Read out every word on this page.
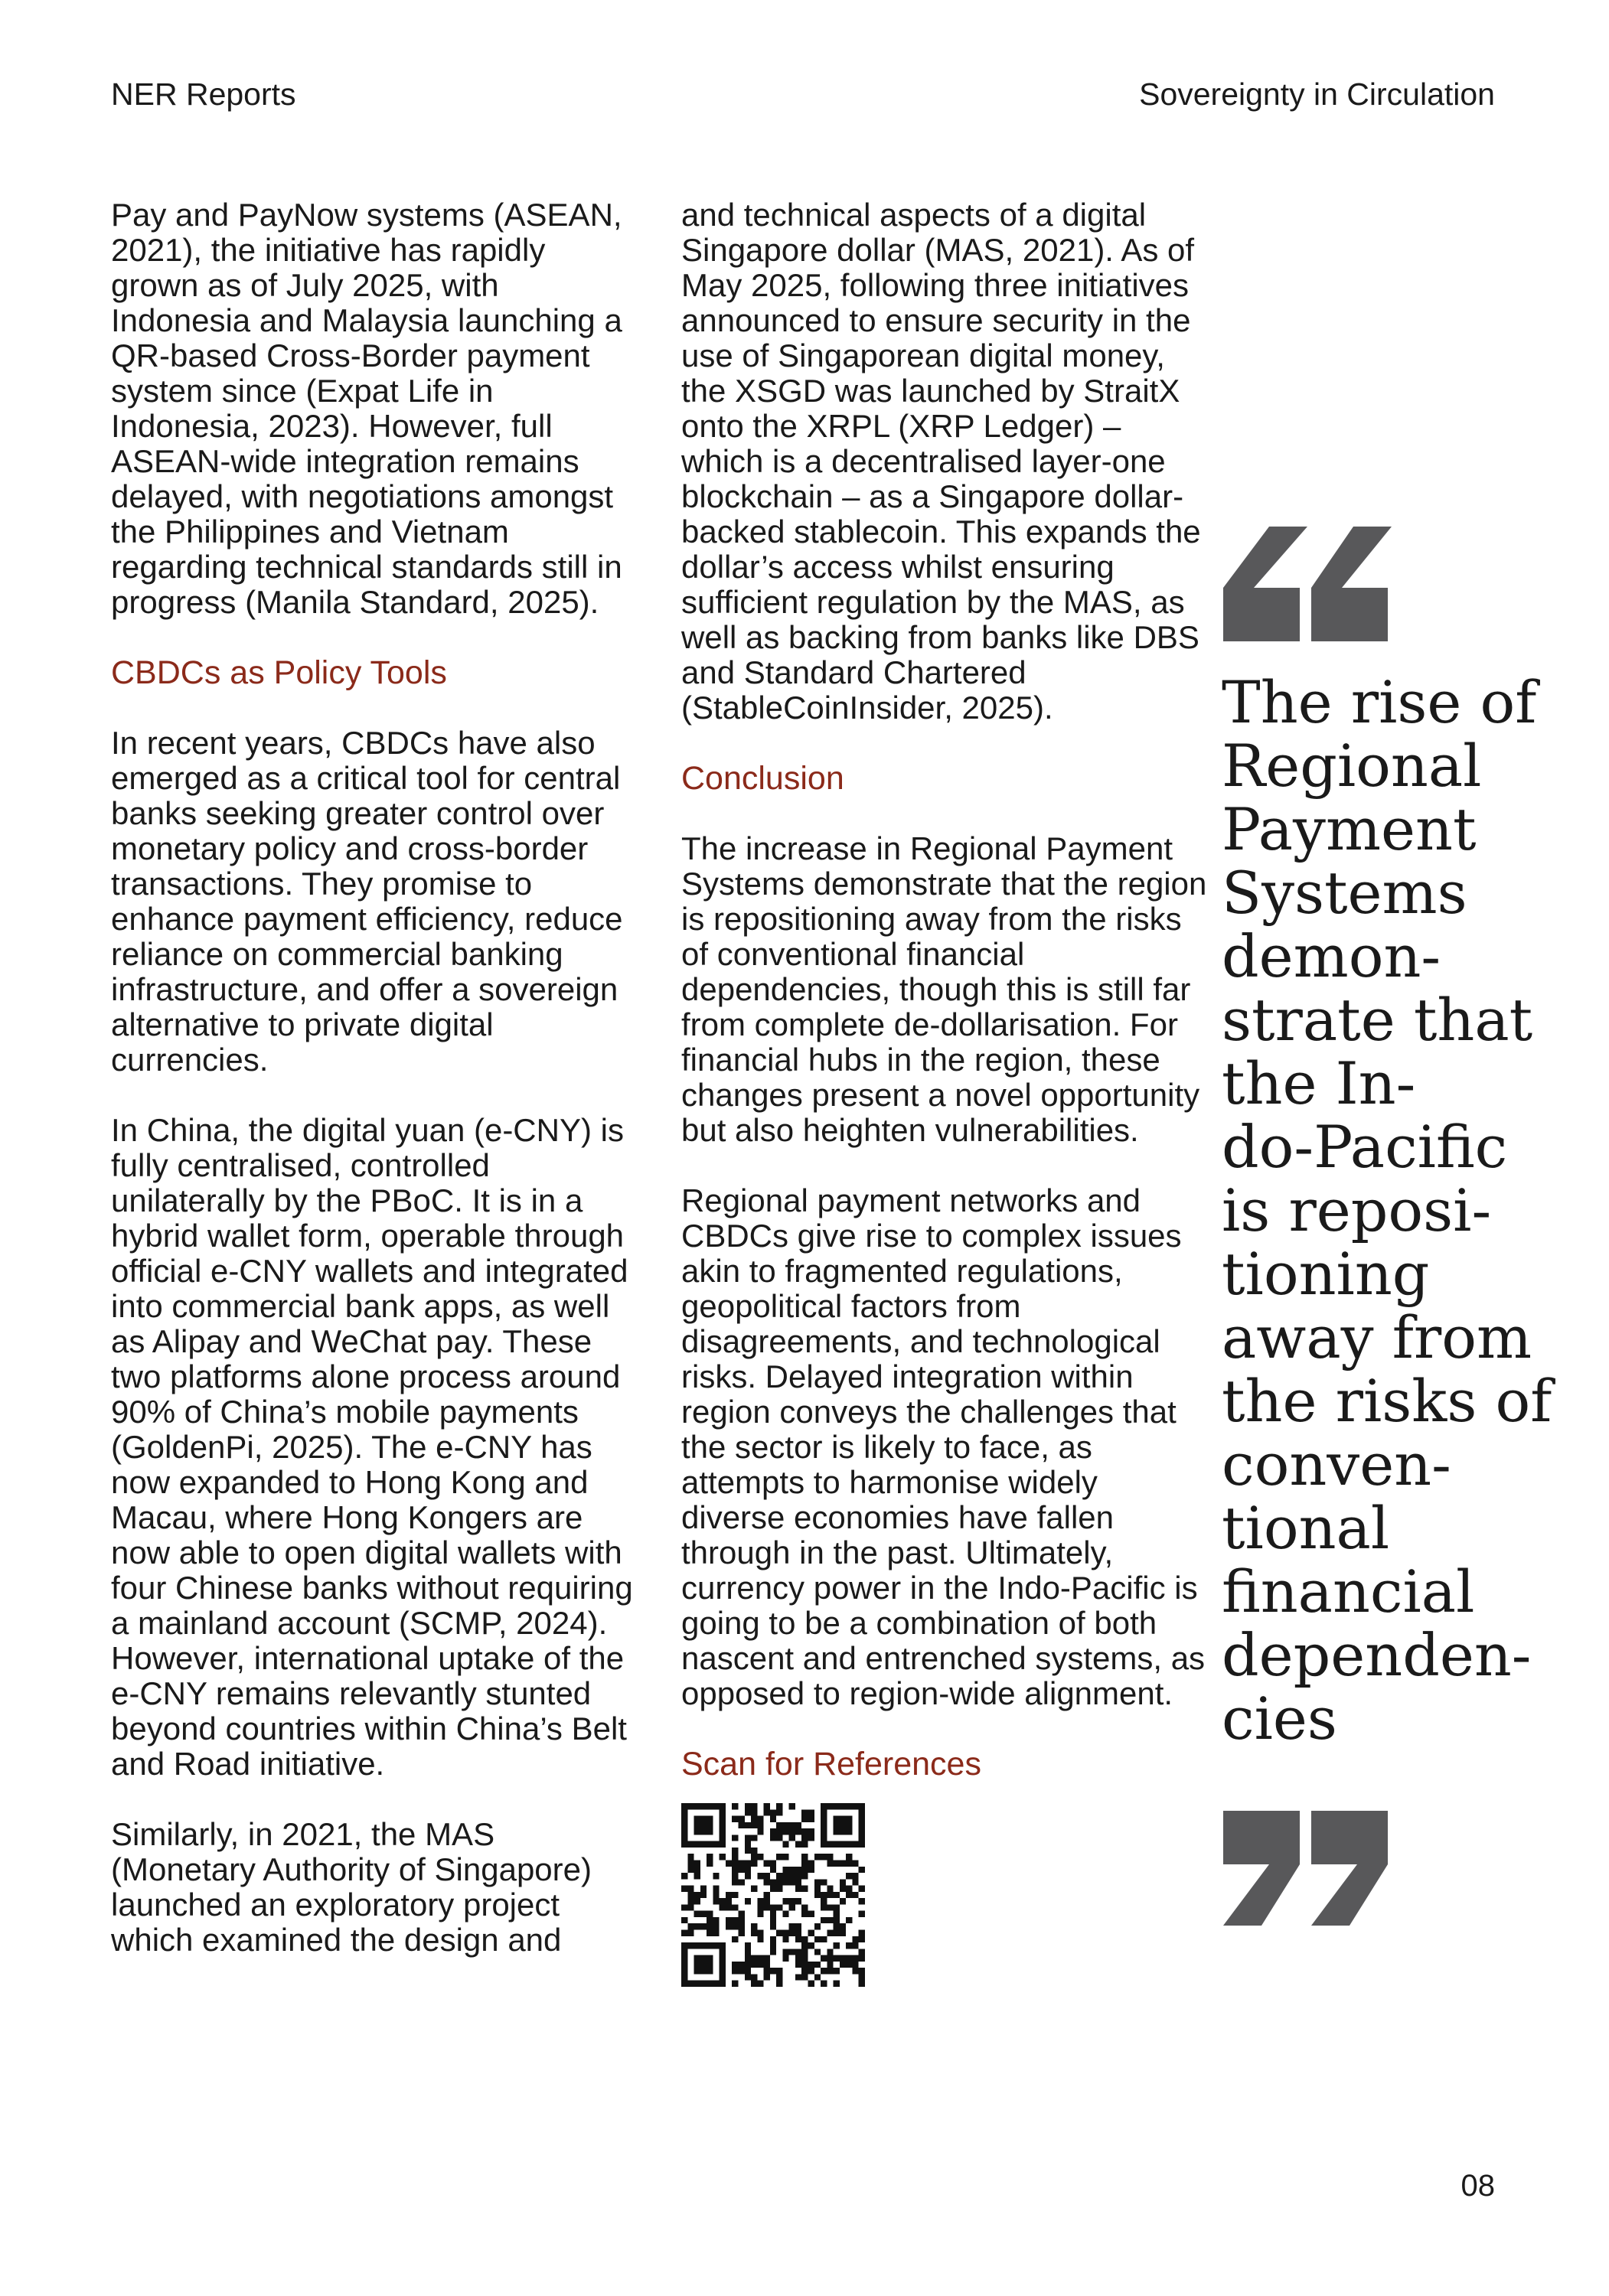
NER Reports	Sovereignty in Circulation

Pay and PayNow systems (ASEAN, 2021), the initiative has rapidly grown as of July 2025, with Indonesia and Malaysia launching a QR-based Cross-Border payment system since (Expat Life in Indonesia, 2023). However, full ASEAN-wide integration remains delayed, with negotiations amongst the Philippines and Vietnam regarding technical standards still in progress (Manila Standard, 2025).

CBDCs as Policy Tools

In recent years, CBDCs have also emerged as a critical tool for central banks seeking greater control over monetary policy and cross-border transactions. They promise to enhance payment efficiency, reduce reliance on commercial banking infrastructure, and offer a sovereign alternative to private digital currencies.

In China, the digital yuan (e-CNY) is fully centralised, controlled unilaterally by the PBoC. It is in a hybrid wallet form, operable through official e-CNY wallets and integrated into commercial bank apps, as well as Alipay and WeChat pay. These two platforms alone process around 90% of China’s mobile payments (GoldenPi, 2025). The e-CNY has now expanded to Hong Kong and Macau, where Hong Kongers are now able to open digital wallets with four Chinese banks without requiring a mainland account (SCMP, 2024). However, international uptake of the e-CNY remains relevantly stunted beyond countries within China’s Belt and Road initiative.

Similarly, in 2021, the MAS (Monetary Authority of Singapore) launched an exploratory project which examined the design and

and technical aspects of a digital Singapore dollar (MAS, 2021). As of May 2025, following three initiatives announced to ensure security in the use of Singaporean digital money, the XSGD was launched by StraitX onto the XRPL (XRP Ledger) – which is a decentralised layer-one blockchain – as a Singapore dollar-backed stablecoin. This expands the dollar’s access whilst ensuring sufficient regulation by the MAS, as well as backing from banks like DBS and Standard Chartered (StableCoinInsider, 2025).

Conclusion

The increase in Regional Payment Systems demonstrate that the region is repositioning away from the risks of conventional financial dependencies, though this is still far from complete de-dollarisation. For financial hubs in the region, these changes present a novel opportunity but also heighten vulnerabilities.

Regional payment networks and CBDCs give rise to complex issues akin to fragmented regulations, geopolitical factors from disagreements, and technological risks. Delayed integration within region conveys the challenges that the sector is likely to face, as attempts to harmonise widely diverse economies have fallen through in the past. Ultimately, currency power in the Indo-Pacific is going to be a combination of both nascent and entrenched systems, as opposed to region-wide alignment.

Scan for References
The rise of
Regional
Payment
Systems
demon-
strate that
the In-
do-Pacific
is reposi-
tioning
away from
the risks of
conven-
tional
financial
dependen-
cies
08
